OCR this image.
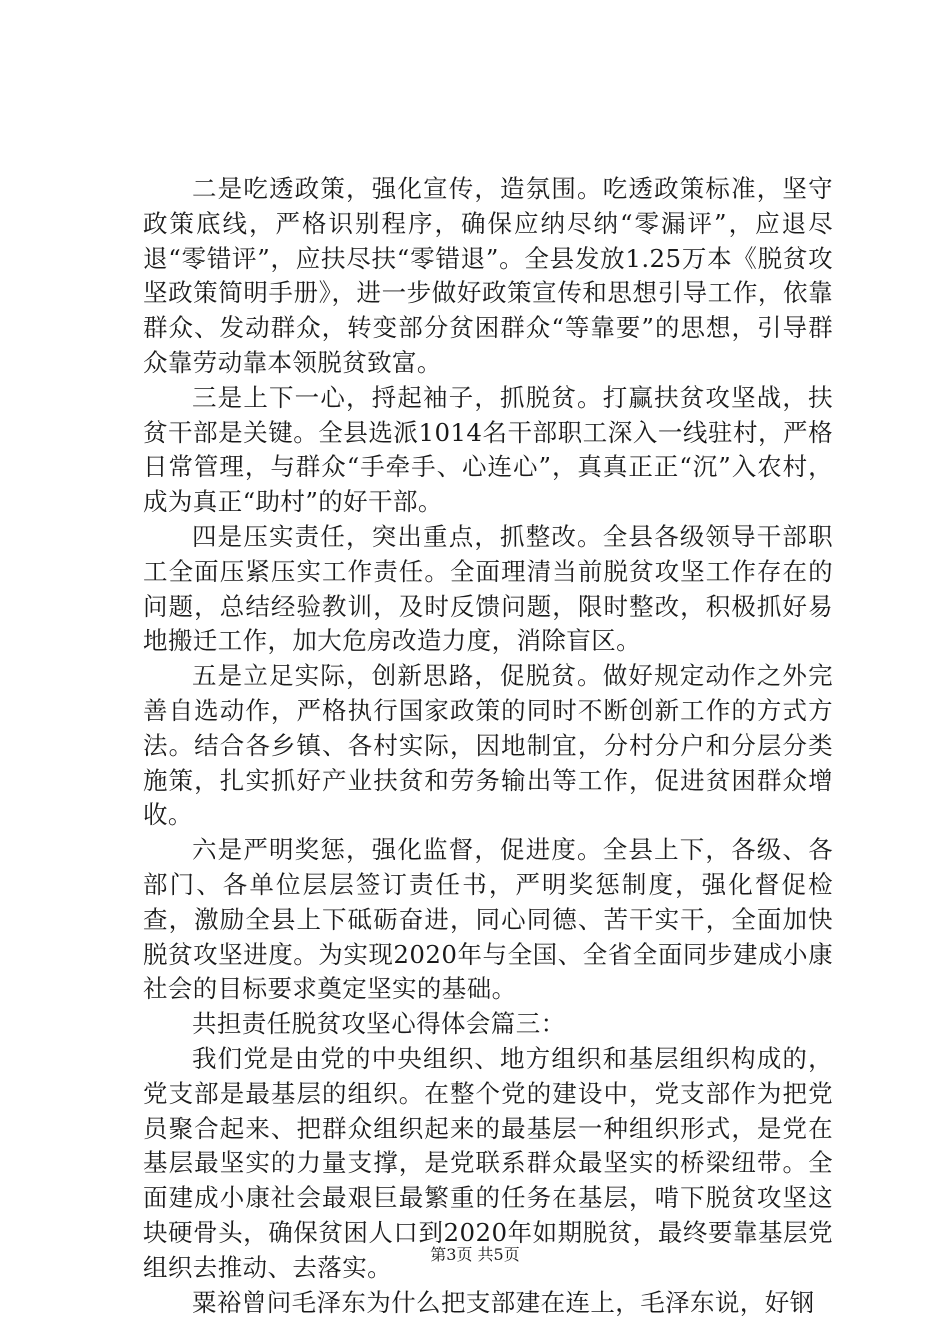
二是吃透政策，强化宣传，造氛围。吃透政策标准，坚守政策底线，严格识别程序，确保应纳尽纳“零漏评”，应退尽退“零错评”，应扶尽扶“零错退”。全县发放1.25万本《脱贫攻坚政策简明手册》，进一步做好政策宣传和思想引导工作，依靠群众、发动群众，转变部分贫困群众“等靠要”的思想，引导群众靠劳动靠本领脱贫致富。

三是上下一心，捋起袖子，抓脱贫。打赢扶贫攻坚战，扶贫干部是关键。全县选派1014名干部职工深入一线驻村，严格日常管理，与群众“手牵手、心连心”，真真正正“沉”入农村，成为真正“助村”的好干部。

四是压实责任，突出重点，抓整改。全县各级领导干部职工全面压紧压实工作责任。全面理清当前脱贫攻坚工作存在的问题，总结经验教训，及时反馈问题，限时整改，积极抓好易地搬迁工作，加大危房改造力度，消除盲区。

五是立足实际，创新思路，促脱贫。做好规定动作之外完善自选动作，严格执行国家政策的同时不断创新工作的方式方法。结合各乡镇、各村实际，因地制宜，分村分户和分层分类施策，扎实抓好产业扶贫和劳务输出等工作，促进贫困群众增收。

六是严明奖惩，强化监督，促进度。全县上下，各级、各部门、各单位层层签订责任书，严明奖惩制度，强化督促检查，激励全县上下砥砺奋进，同心同德、苦干实干，全面加快脱贫攻坚进度。为实现2020年与全国、全省全面同步建成小康社会的目标要求奠定坚实的基础。

共担责任脱贫攻坚心得体会篇三：

我们党是由党的中央组织、地方组织和基层组织构成的，党支部是最基层的组织。在整个党的建设中，党支部作为把党员聚合起来、把群众组织起来的最基层一种组织形式，是党在基层最坚实的力量支撑，是党联系群众最坚实的桥梁纽带。全面建成小康社会最艰巨最繁重的任务在基层，啃下脱贫攻坚这块硬骨头，确保贫困人口到2020年如期脱贫，最终要靠基层党组织去推动、去落实。

粟裕曾问毛泽东为什么把支部建在连上，毛泽东说，好钢

第3页 共5页
